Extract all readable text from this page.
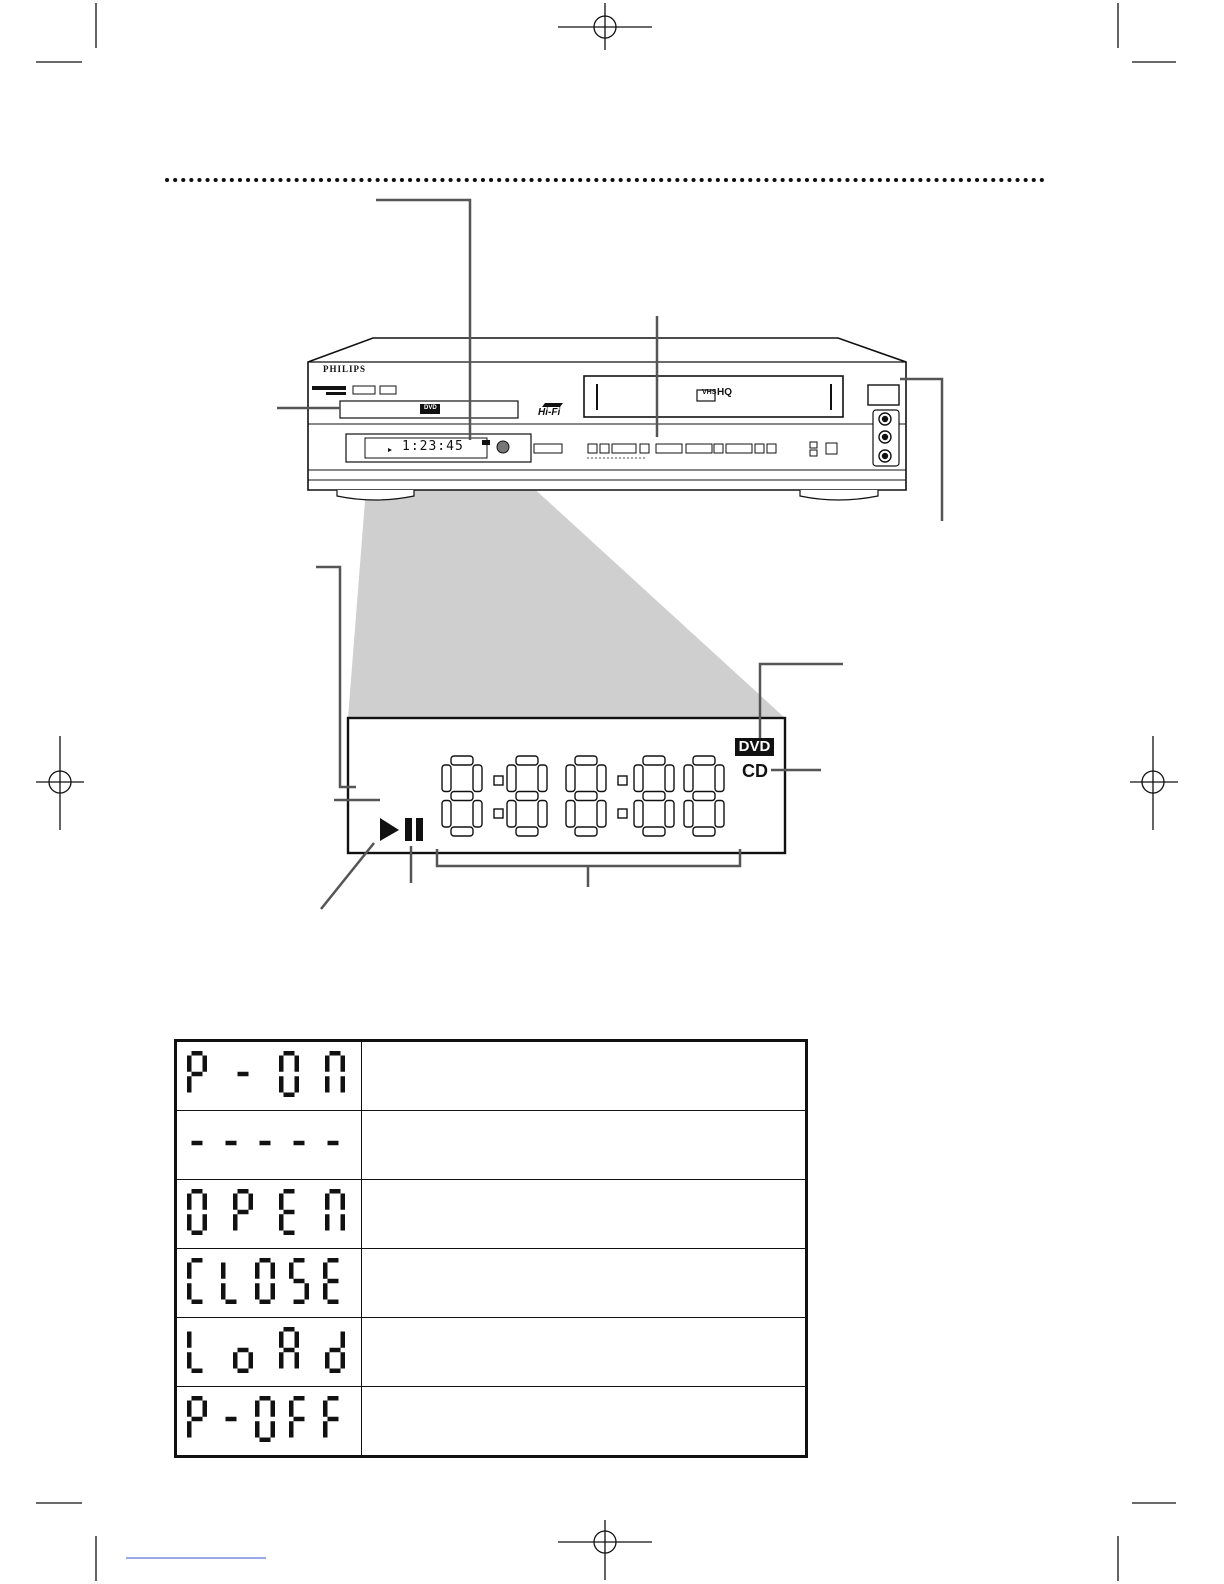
PHILIPS
VHS HQ
Hi-Fi
DVD
1:23:45
DVD
CD
